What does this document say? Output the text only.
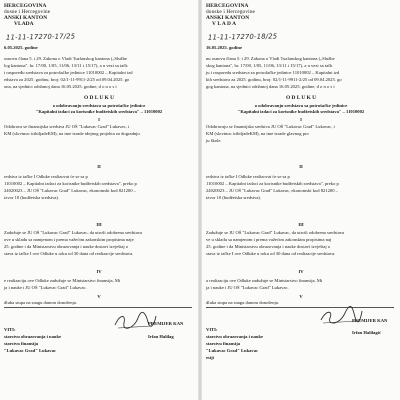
HERCEGOVINA
dosne i Hercegovine
ANSKI KANTON
VLADA
11-11-17270-17/25
6.05.2025. godine
osnovu člana 5. i 29. Zakona o Vladi Tuzlanskog kantona („Službe
log kantona", br. 17/00, 1/05, 11/06, 13/11 i 15/17), a u vezi sa tačk
i raspoređu sredstava za potrošačke jedinice 11010002 – Kapitalni izd
edstava za 2025. godinu, broj: 02/1-11-9911-2/25 od 09.04.2025. go
ona, na sjednici održanoj dana 16.05.2025. godine, d o n o s i
O D L U K U
o odobravanju sredstava sa potrošačke jedinice
"Kapitalni izdaci za korisnike budžetskih sredstava" – 11010002
I
Odobrava se finansijska sredstva JU OŠ "Lukavac Grad" Lukavac, i
KM (slovima: trihiljadeKM), na ime izrade idejnog projekta za dogradnju
II
redstva iz tačke I Odluke realizovat će se sa p
11010002 – Kapitalni izdaci za korisnike budžetskih sredstava", preko p
24020023 – JU OŠ "Lukavac Grad" Lukavac, ekonomski kod 821200 –
izvor 10 (budžetska sredstva).
III
Zadužuje se JU OŠ "Lukavac Grad" Lukavac, da utroši odobrena sredstava
ove u skladu sa namjenom i prema važećim zakonskim propisima naje
25. godine i da Ministarstvu obrazovanja i nauke dostavi izvještaj o
stava iz tačke I ove Odluke u roku od 30 dana od realizacije sredstava.
IV
e realizaciju ove Odluke zadužuje se Ministarstvo finansija, Mi
ja i nauke i JU OŠ "Lukavac Grad" Lukavac.
V
dluka stupa na snagu danom donošenja.
VITI:
starstvu obrazovanja i nauke
starstvu finansija
"Lukavac Grad" Lukavac
PREMIJER KAN
Irfan Halilag
HERCEGOVINA
donske i Hercegovine
ANSKI KANTON
V L A D A
11-11-17270-18/25
16.05.2025. godine
nu osnovu člana 5. i 29. Zakona o Vladi Tuzlanskog kantona („Službe
skog kantona", br. 17/00, 1/05, 11/06, 13/11 i 15/17), a u vezi sa tačk
ju i rasporedu sredstava za potrošačke jedinice 11010002 – Kapitalni izd
kih sredstava za 2025. godinu, broj: 02/1-11-9911-2/25 od 09.04.2025. go
gog kantona, na sjednici održanoj dana 16.05.2025. godine, d o n o s i
O D L U K U
o odobravanju sredstava sa potrošačke jedinice
"Kapitalni izdaci za korisnike budžetskih sredstava" – 11010002
I
Odobravaju se finansijska sredstva JU OŠ "Lukavac Grad" Lukavac, i
KM (slovima: trihiljadeKM), na ime izrade glavnog pro
ju škole.
II
redstva iz tačke I Odluke realizovat će se sa p
11010002 – Kapitalni izdaci za korisnike budžetskih sredstava", preko p
24020023 – JU OŠ "Lukavac Grad" Lukavac, ekonomski kod 821200 –
izvor 10 (budžetska sredstva).
III
Zadužuje se JU OŠ "Lukavac Grad" Lukavac, da utroši odobrena sredstava
ve u skladu sa namjenom i prema važećim zakonskim propisima naj
25. godine i da Ministarstvu obrazovanja i nauke dostavi izvještaj o
stava iz tačke I ove Odluke u roku od 30 dana od realizacije sredstava.
IV
a realizaciju ove Odluke zadužuje se Ministarstvo finansija, Mi
ja i nauke i JU OŠ "Lukavac Grad" Lukavac.
V
dluka stupa na snagu danom donošenja.
VITI:
starstvu obrazovanja i nauke
starstvu finansija
"Lukavac Grad" Lukavac
esiji
PREMIJER KAN
Irfan Halilagić
